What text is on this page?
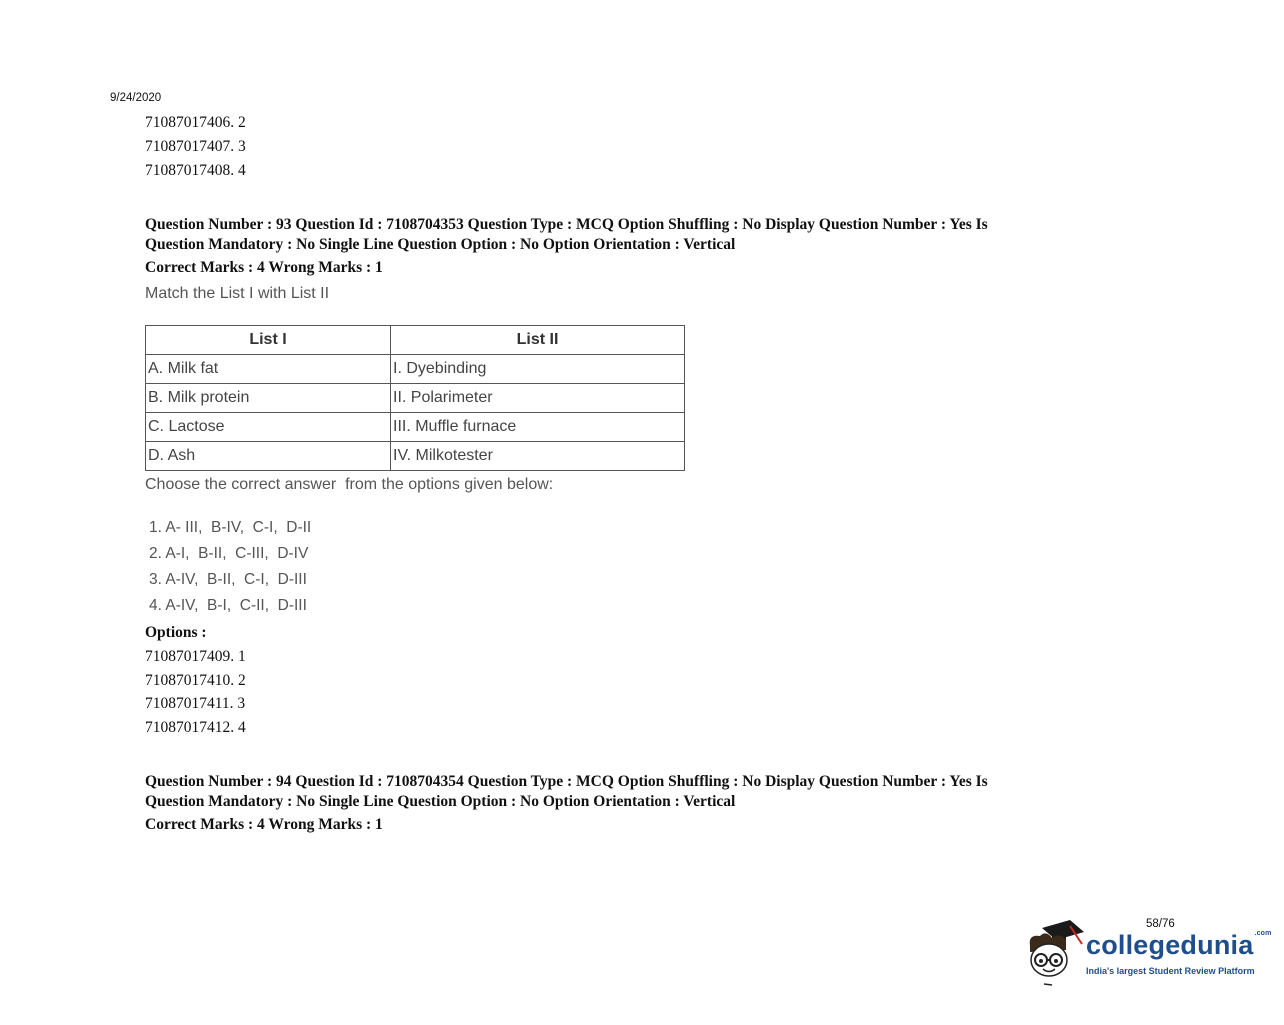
9/24/2020
71087017406. 2
71087017407. 3
71087017408. 4
Question Number : 93 Question Id : 7108704353 Question Type : MCQ Option Shuffling : No Display Question Number : Yes Is
Question Mandatory : No Single Line Question Option : No Option Orientation : Vertical
Correct Marks : 4 Wrong Marks : 1
Match the List I with List II
List I	List II
A. Milk fat	I. Dyebinding
B. Milk protein	II. Polarimeter
C. Lactose	III. Muffle furnace
D. Ash	IV. Milkotester
Choose the correct answer  from the options given below:
1. A- III,  B-IV,  C-I,  D-II
2. A-I,  B-II,  C-III,  D-IV
3. A-IV,  B-II,  C-I,  D-III
4. A-IV,  B-I,  C-II,  D-III
Options :
71087017409. 1
71087017410. 2
71087017411. 3
71087017412. 4
Question Number : 94 Question Id : 7108704354 Question Type : MCQ Option Shuffling : No Display Question Number : Yes Is
Question Mandatory : No Single Line Question Option : No Option Orientation : Vertical
Correct Marks : 4 Wrong Marks : 1
58/76
collegedunia$^{.com}$
India's largest Student Review Platform
